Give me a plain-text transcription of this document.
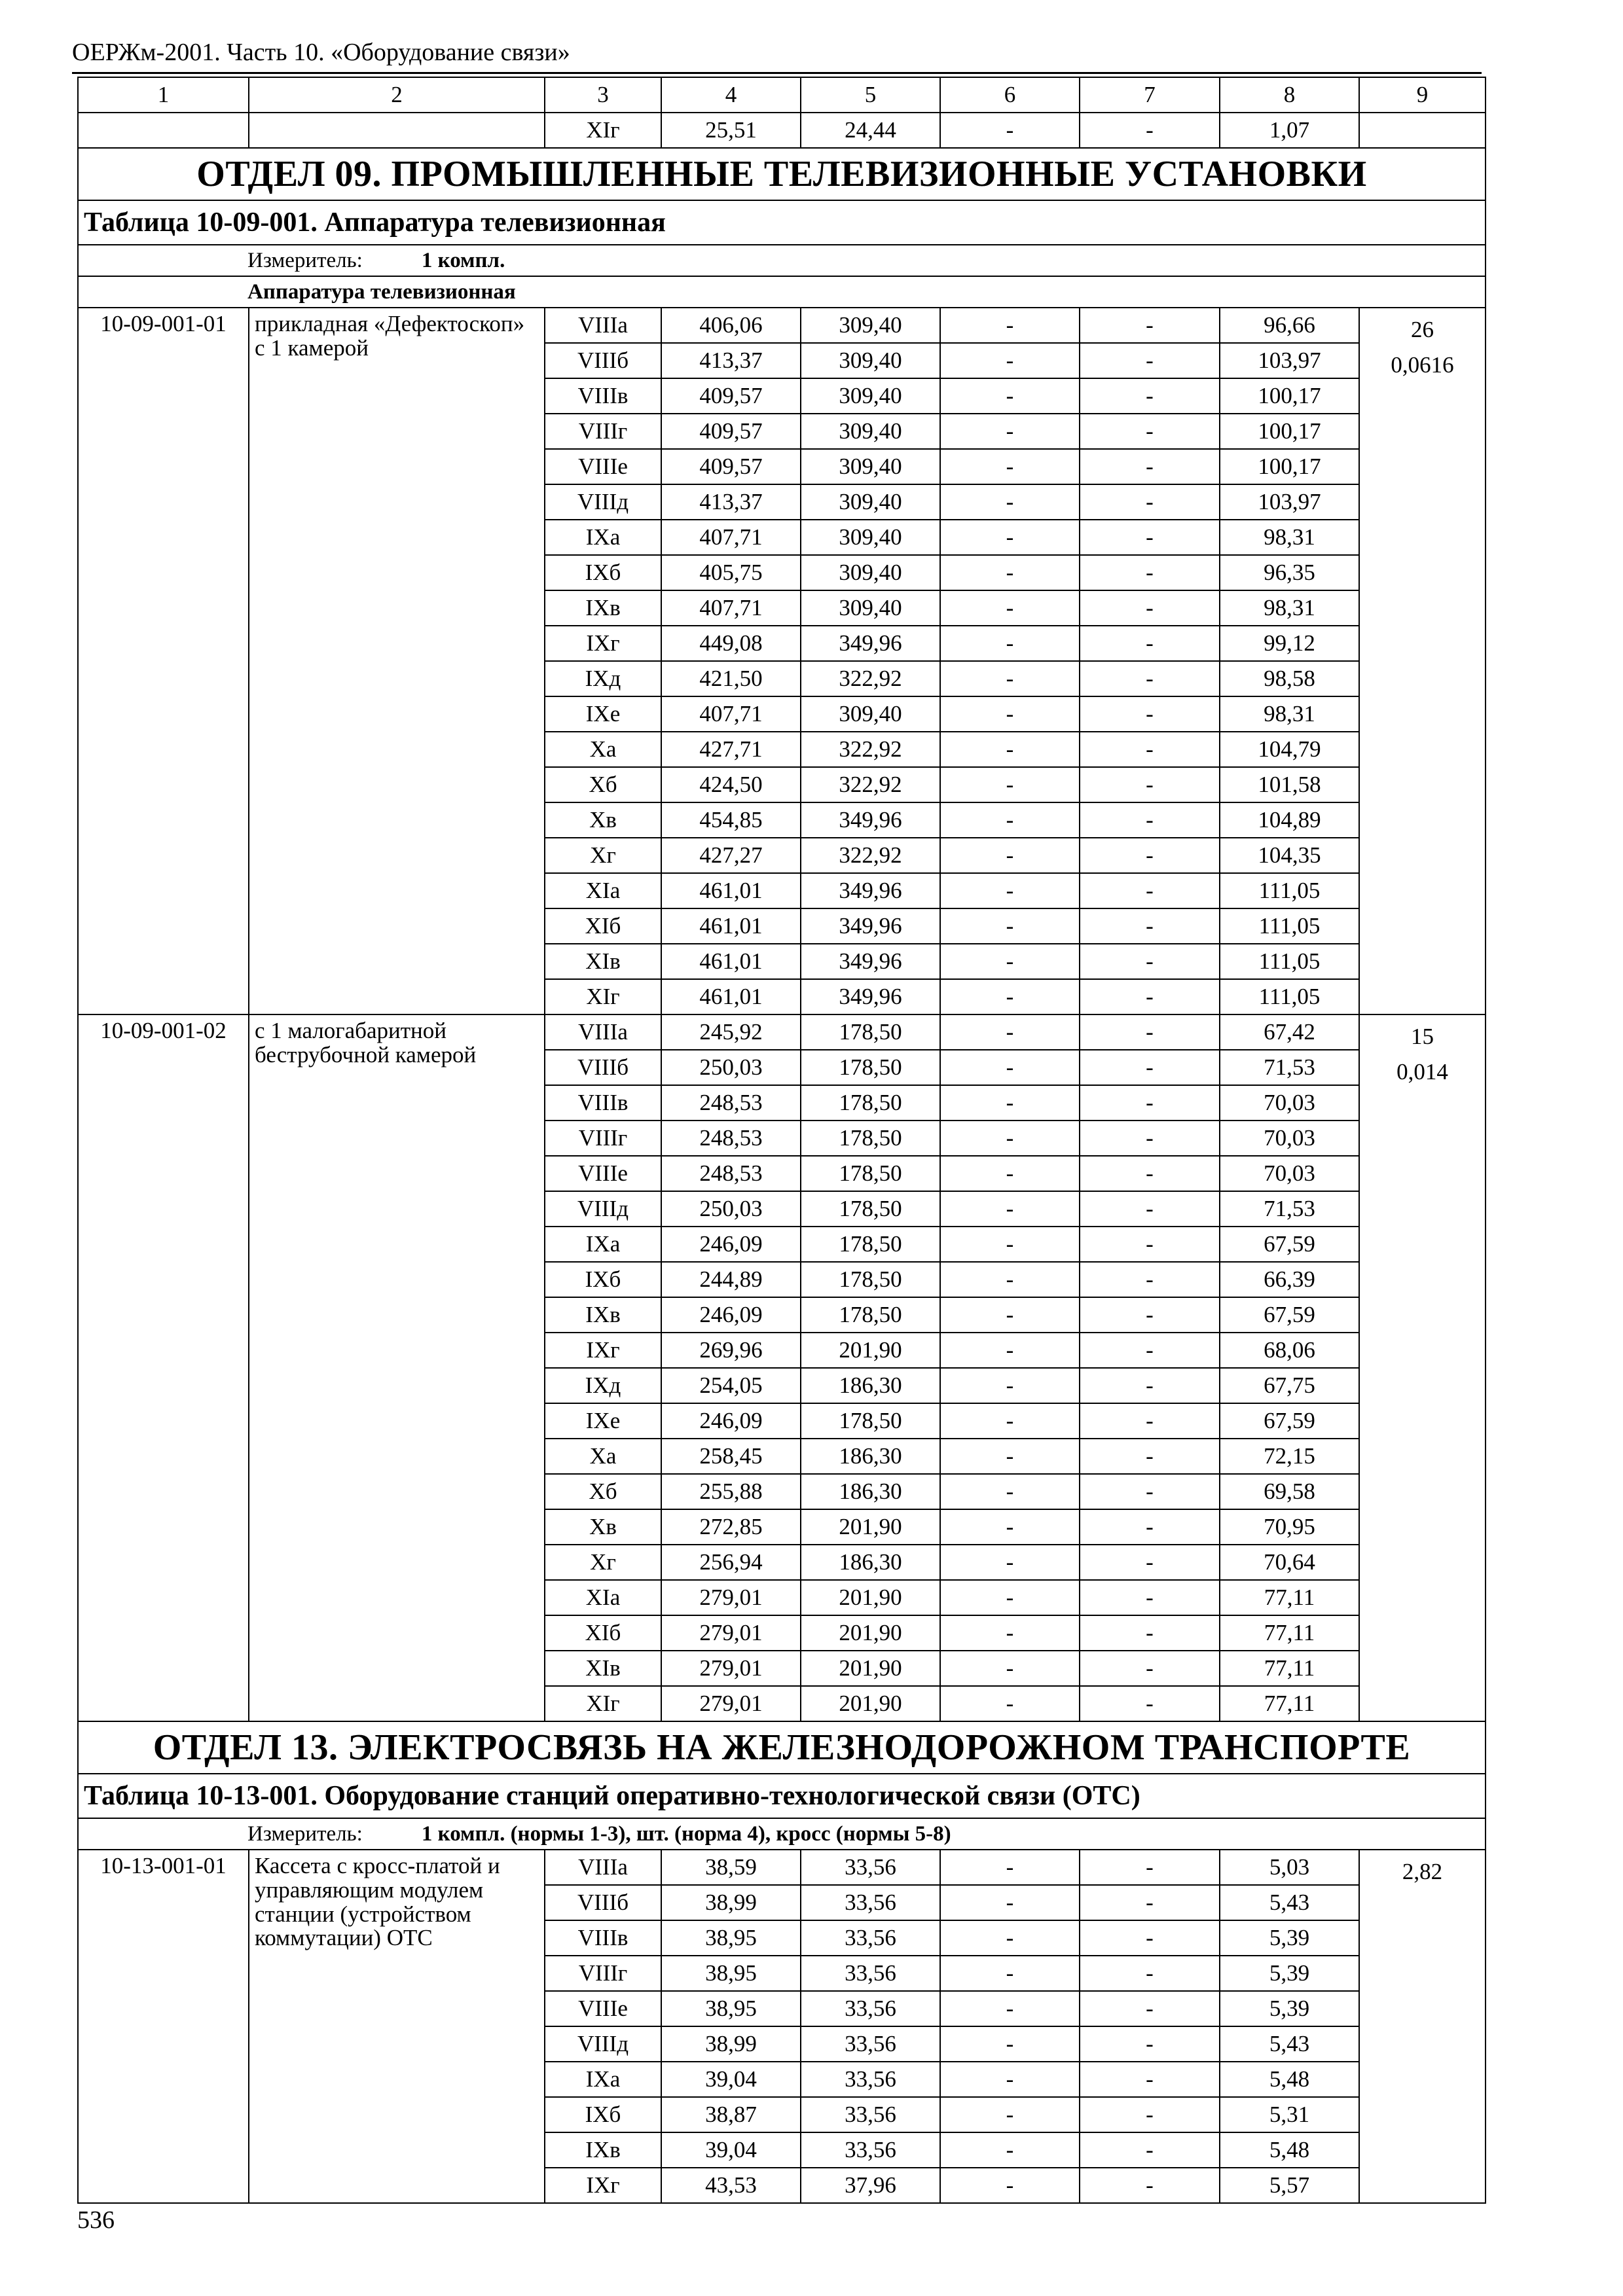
ОЕРЖм-2001. Часть 10. «Оборудование связи»
1	2	3	4	5	6	7	8	9
		XIг	25,51	24,44	-	-	1,07	
ОТДЕЛ 09. ПРОМЫШЛЕННЫЕ ТЕЛЕВИЗИОННЫЕ УСТАНОВКИ								
Таблица 10-09-001. Аппаратура телевизионная								
Измеритель: 1 компл.								
Аппаратура телевизионная								
10-09-001-01	прикладная «Дефектоскоп» с 1 камерой	VIIIа	406,06	309,40	-	-	96,66	26
0,0616

		VIIIб	413,37	309,40	-	-	103,97	
		VIIIв	409,57	309,40	-	-	100,17	
		VIIIг	409,57	309,40	-	-	100,17	
		VIIIе	409,57	309,40	-	-	100,17	
		VIIIд	413,37	309,40	-	-	103,97	
		IXа	407,71	309,40	-	-	98,31	
		IXб	405,75	309,40	-	-	96,35	
		IXв	407,71	309,40	-	-	98,31	
		IXг	449,08	349,96	-	-	99,12	
		IXд	421,50	322,92	-	-	98,58	
		IXе	407,71	309,40	-	-	98,31	
		Xа	427,71	322,92	-	-	104,79	
		Xб	424,50	322,92	-	-	101,58	
		Xв	454,85	349,96	-	-	104,89	
		Xг	427,27	322,92	-	-	104,35	
		XIа	461,01	349,96	-	-	111,05	
		XIб	461,01	349,96	-	-	111,05	
		XIв	461,01	349,96	-	-	111,05	
		XIг	461,01	349,96	-	-	111,05	
10-09-001-02	с 1 малогабаритной беструбочной камерой	VIIIа	245,92	178,50	-	-	67,42	15
0,014

		VIIIб	250,03	178,50	-	-	71,53	
		VIIIв	248,53	178,50	-	-	70,03	
		VIIIг	248,53	178,50	-	-	70,03	
		VIIIе	248,53	178,50	-	-	70,03	
		VIIIд	250,03	178,50	-	-	71,53	
		IXа	246,09	178,50	-	-	67,59	
		IXб	244,89	178,50	-	-	66,39	
		IXв	246,09	178,50	-	-	67,59	
		IXг	269,96	201,90	-	-	68,06	
		IXд	254,05	186,30	-	-	67,75	
		IXе	246,09	178,50	-	-	67,59	
		Xа	258,45	186,30	-	-	72,15	
		Xб	255,88	186,30	-	-	69,58	
		Xв	272,85	201,90	-	-	70,95	
		Xг	256,94	186,30	-	-	70,64	
		XIа	279,01	201,90	-	-	77,11	
		XIб	279,01	201,90	-	-	77,11	
		XIв	279,01	201,90	-	-	77,11	
		XIг	279,01	201,90	-	-	77,11	
ОТДЕЛ 13. ЭЛЕКТРОСВЯЗЬ НА ЖЕЛЕЗНОДОРОЖНОМ ТРАНСПОРТЕ								
Таблица 10-13-001. Оборудование станций оперативно-технологической связи (ОТС)								
Измеритель: 1 компл. (нормы 1-3), шт. (норма 4), кросс (нормы 5-8)								
10-13-001-01	Кассета с кросс-платой и управляющим модулем станции (устройством коммутации) ОТС	VIIIа	38,59	33,56	-	-	5,03	2,82

		VIIIб	38,99	33,56	-	-	5,43	
		VIIIв	38,95	33,56	-	-	5,39	
		VIIIг	38,95	33,56	-	-	5,39	
		VIIIе	38,95	33,56	-	-	5,39	
		VIIIд	38,99	33,56	-	-	5,43	
		IXа	39,04	33,56	-	-	5,48	
		IXб	38,87	33,56	-	-	5,31	
		IXв	39,04	33,56	-	-	5,48	
		IXг	43,53	37,96	-	-	5,57	
536
